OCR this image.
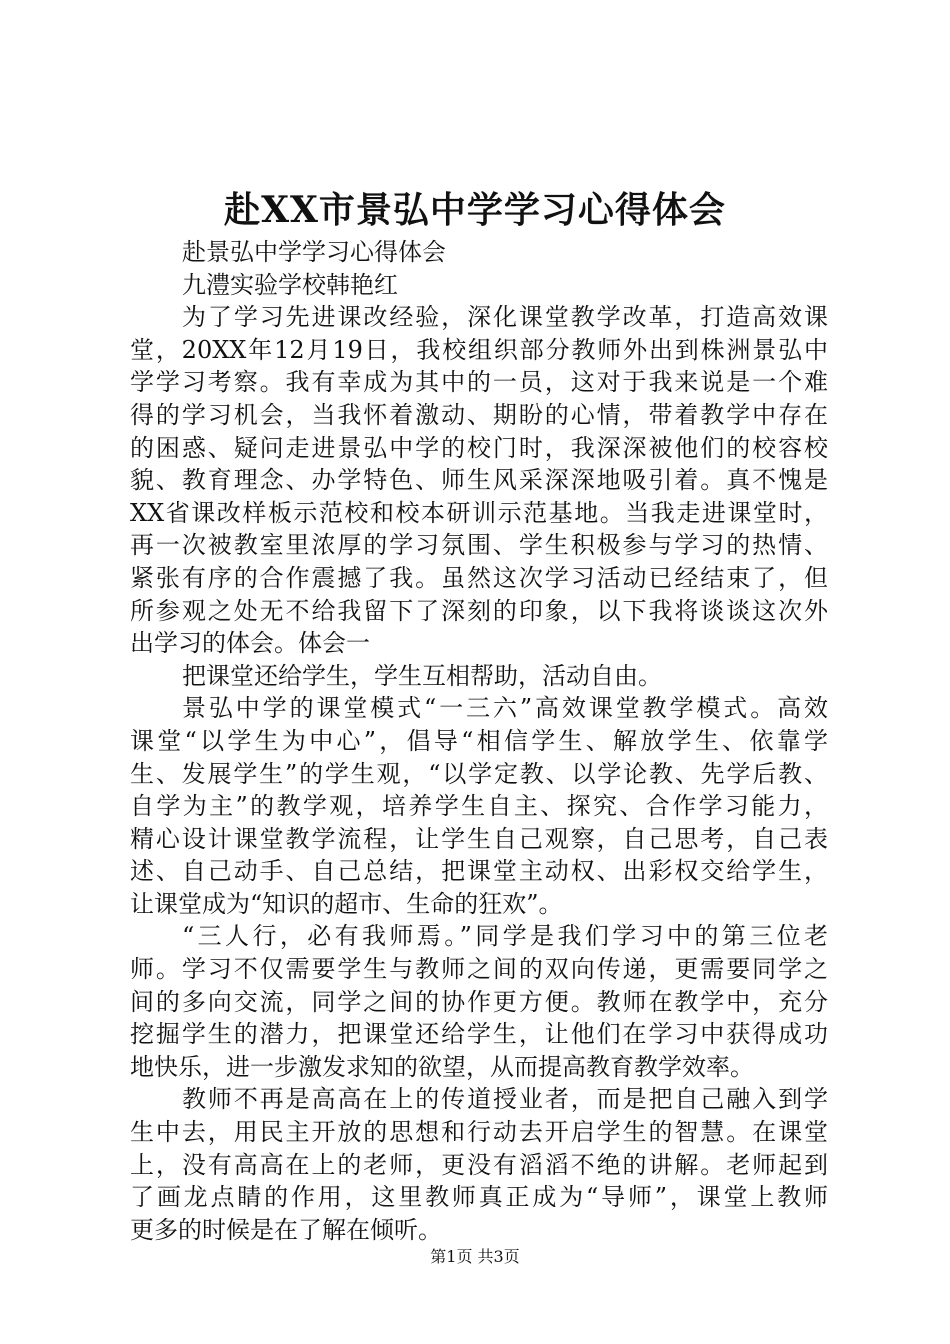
赴XX市景弘中学学习心得体会
赴景弘中学学习心得体会
九澧实验学校韩艳红
为了学习先进课改经验，深化课堂教学改革，打造高效课
堂，20XX年12月19日，我校组织部分教师外出到株洲景弘中
学学习考察。我有幸成为其中的一员，这对于我来说是一个难
得的学习机会，当我怀着激动、期盼的心情，带着教学中存在
的困惑、疑问走进景弘中学的校门时，我深深被他们的校容校
貌、教育理念、办学特色、师生风采深深地吸引着。真不愧是
XX省课改样板示范校和校本研训示范基地。当我走进课堂时，
再一次被教室里浓厚的学习氛围、学生积极参与学习的热情、
紧张有序的合作震撼了我。虽然这次学习活动已经结束了，但
所参观之处无不给我留下了深刻的印象，以下我将谈谈这次外
出学习的体会。体会一
把课堂还给学生，学生互相帮助，活动自由。
景弘中学的课堂模式“一三六”高效课堂教学模式。高效
课堂“以学生为中心”，倡导“相信学生、解放学生、依靠学
生、发展学生”的学生观，“以学定教、以学论教、先学后教、
自学为主”的教学观，培养学生自主、探究、合作学习能力，
精心设计课堂教学流程，让学生自己观察，自己思考，自己表
述、自己动手、自己总结，把课堂主动权、出彩权交给学生，
让课堂成为“知识的超市、生命的狂欢”。
“三人行，必有我师焉。”同学是我们学习中的第三位老
师。学习不仅需要学生与教师之间的双向传递，更需要同学之
间的多向交流，同学之间的协作更方便。教师在教学中，充分
挖掘学生的潜力，把课堂还给学生，让他们在学习中获得成功
地快乐，进一步激发求知的欲望，从而提高教育教学效率。
教师不再是高高在上的传道授业者，而是把自己融入到学
生中去，用民主开放的思想和行动去开启学生的智慧。在课堂
上，没有高高在上的老师，更没有滔滔不绝的讲解。老师起到
了画龙点睛的作用，这里教师真正成为“导师”，课堂上教师
更多的时候是在了解在倾听。
第1页 共3页
